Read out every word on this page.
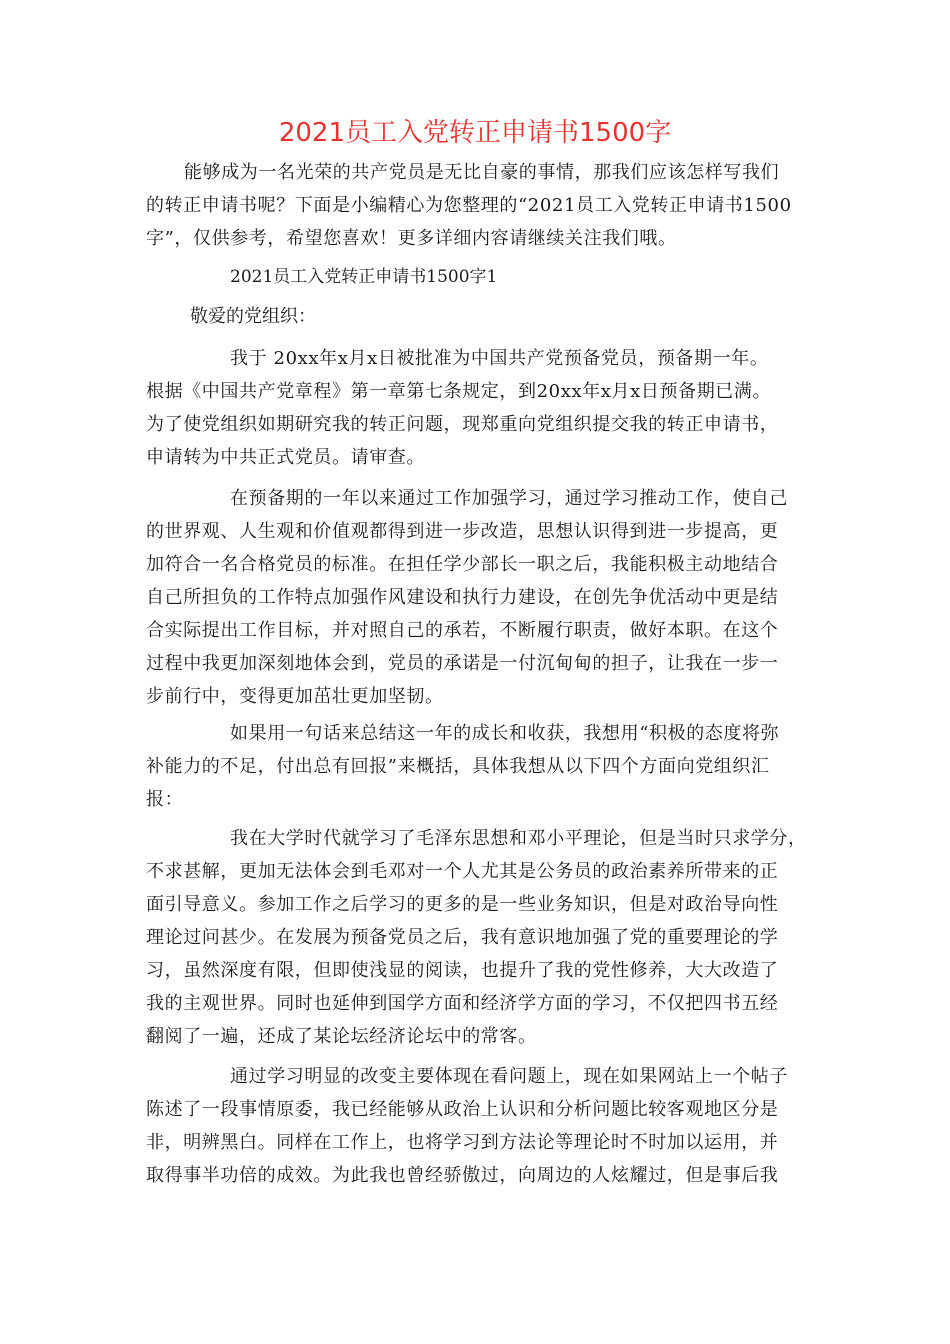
2021员工入党转正申请书1500字
能够成为一名光荣的共产党员是无比自豪的事情，那我们应该怎样写我们
的转正申请书呢？下面是小编精心为您整理的“2021员工入党转正申请书1500
字”，仅供参考，希望您喜欢！更多详细内容请继续关注我们哦。
2021员工入党转正申请书1500字1
敬爱的党组织：
我于 20xx年x月x日被批准为中国共产党预备党员，预备期一年。
根据《中国共产党章程》第一章第七条规定，到20xx年x月x日预备期已满。
为了使党组织如期研究我的转正问题，现郑重向党组织提交我的转正申请书，
申请转为中共正式党员。请审查。
在预备期的一年以来通过工作加强学习，通过学习推动工作，使自己
的世界观、人生观和价值观都得到进一步改造，思想认识得到进一步提高，更
加符合一名合格党员的标准。在担任学少部长一职之后，我能积极主动地结合
自己所担负的工作特点加强作风建设和执行力建设，在创先争优活动中更是结
合实际提出工作目标，并对照自己的承若，不断履行职责，做好本职。在这个
过程中我更加深刻地体会到，党员的承诺是一付沉甸甸的担子，让我在一步一
步前行中，变得更加茁壮更加坚韧。
如果用一句话来总结这一年的成长和收获，我想用“积极的态度将弥
补能力的不足，付出总有回报”来概括，具体我想从以下四个方面向党组织汇
报：
我在大学时代就学习了毛泽东思想和邓小平理论，但是当时只求学分，
不求甚解，更加无法体会到毛邓对一个人尤其是公务员的政治素养所带来的正
面引导意义。参加工作之后学习的更多的是一些业务知识，但是对政治导向性
理论过问甚少。在发展为预备党员之后，我有意识地加强了党的重要理论的学
习，虽然深度有限，但即使浅显的阅读，也提升了我的党性修养，大大改造了
我的主观世界。同时也延伸到国学方面和经济学方面的学习，不仅把四书五经
翻阅了一遍，还成了某论坛经济论坛中的常客。
通过学习明显的改变主要体现在看问题上，现在如果网站上一个帖子
陈述了一段事情原委，我已经能够从政治上认识和分析问题比较客观地区分是
非，明辨黑白。同样在工作上，也将学习到方法论等理论时不时加以运用，并
取得事半功倍的成效。为此我也曾经骄傲过，向周边的人炫耀过，但是事后我
